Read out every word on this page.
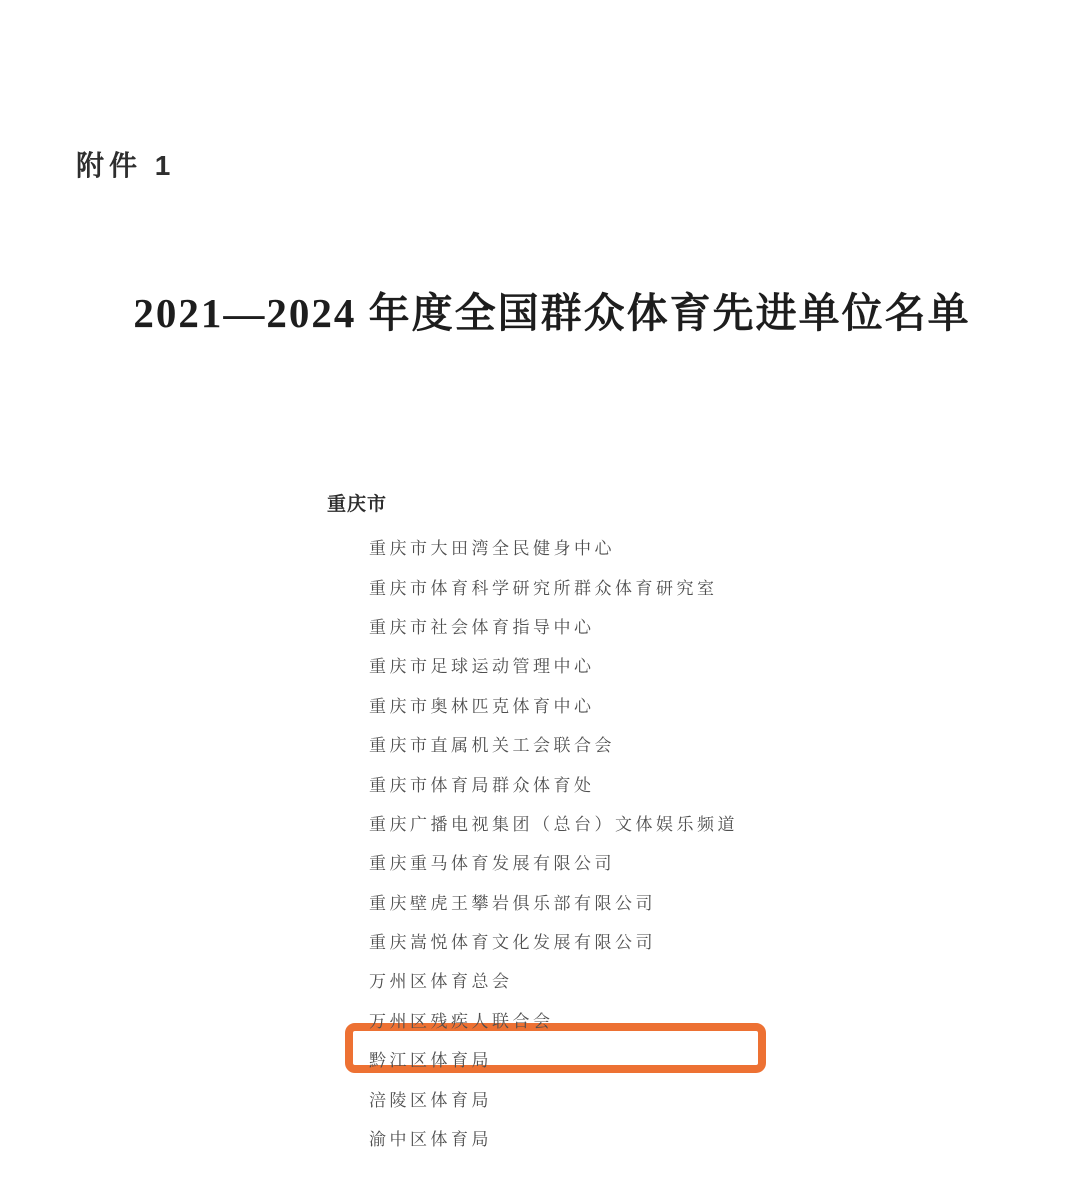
附件 1
2021—2024 年度全国群众体育先进单位名单
重庆市
重庆市大田湾全民健身中心
重庆市体育科学研究所群众体育研究室
重庆市社会体育指导中心
重庆市足球运动管理中心
重庆市奥林匹克体育中心
重庆市直属机关工会联合会
重庆市体育局群众体育处
重庆广播电视集团（总台）文体娱乐频道
重庆重马体育发展有限公司
重庆壁虎王攀岩俱乐部有限公司
重庆嵩悦体育文化发展有限公司
万州区体育总会
万州区残疾人联合会
黔江区体育局
涪陵区体育局
渝中区体育局
